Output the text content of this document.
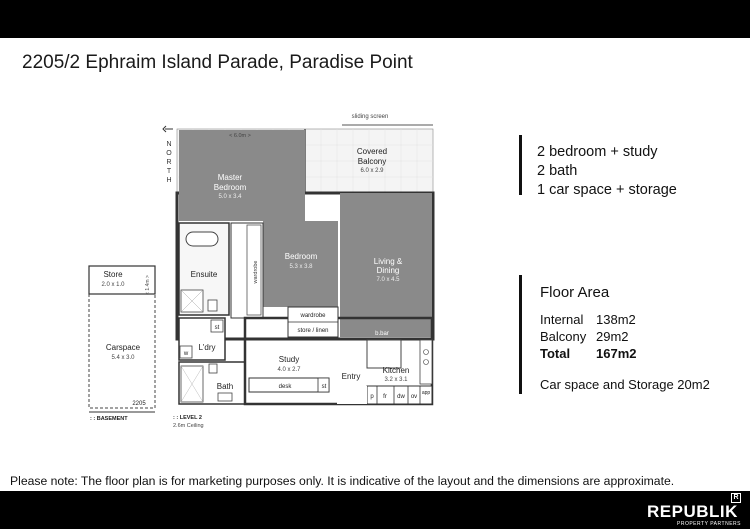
2205/2 Ephraim Island Parade, Paradise Point
N O R T H
sliding screen
< 6.0m >
Covered
Balcony
6.0 x 2.9
Master
Bedroom
5.0 x 3.4
Bedroom
5.3 x 3.8
Living &
Dining
7.0 x 4.5
Ensuite	wardrobe
wardrobe
store / linen	b.bar
st
w
L'dry
Study
4.0 x 2.7
desk	st
Bath
Entry
Kitchen
3.2 x 3.1
p fr dw ov
app
Store
2.0 x 1.0	< 1.4m >
Carspace
5.4 x 3.0
2205
: : BASEMENT	: : LEVEL 2
2.6m Ceiling
2 bedroom + study
2 bath
1 car space + storage
Floor Area
Internal 138m2
Balcony 29m2
Total	167m2
Car space and Storage 20m2
Please note: The floor plan is for marketing purposes only. It is indicative of the layout and the dimensions are approximate.
REPUBLIK
PROPERTY PARTNERS
R
